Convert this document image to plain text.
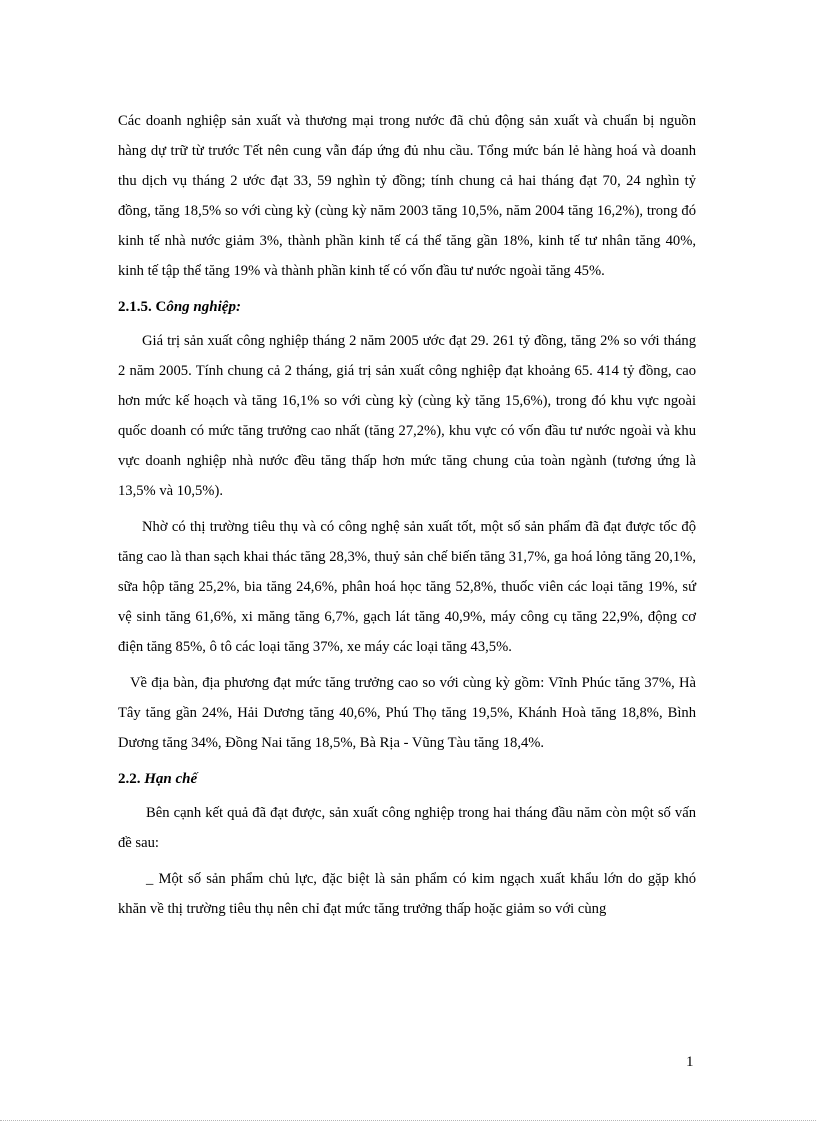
Các doanh nghiệp sản xuất và thương mại trong nước đã chủ động sản xuất và chuẩn bị nguồn hàng dự trữ từ trước Tết nên cung vẫn đáp ứng đủ nhu cầu. Tổng mức bán lẻ hàng hoá và doanh thu dịch vụ tháng 2 ước đạt 33, 59 nghìn tỷ đồng; tính chung cả hai tháng đạt 70, 24 nghìn tỷ đồng, tăng 18,5% so với cùng kỳ (cùng kỳ năm 2003 tăng 10,5%, năm 2004 tăng 16,2%), trong đó kinh tế nhà nước giảm 3%, thành phần kinh tế cá thể tăng gần 18%, kinh tế tư nhân tăng 40%, kinh tế tập thể tăng 19% và thành phần kinh tế có vốn đầu tư nước ngoài tăng 45%.

2.1.5. Công nghiệp:

Giá trị sản xuất công nghiệp tháng 2 năm 2005 ước đạt 29. 261 tỷ đồng, tăng 2% so với tháng 2 năm 2005. Tính chung cả 2 tháng, giá trị sản xuất công nghiệp đạt khoảng 65. 414 tỷ đồng, cao hơn mức kế hoạch và tăng 16,1% so với cùng kỳ (cùng kỳ tăng 15,6%), trong đó khu vực ngoài quốc doanh có mức tăng trưởng cao nhất (tăng 27,2%), khu vực có vốn đầu tư nước ngoài và khu vực doanh nghiệp nhà nước đều tăng thấp hơn mức tăng chung của toàn ngành (tương ứng là 13,5% và 10,5%).

Nhờ có thị trường tiêu thụ và có công nghệ sản xuất tốt, một số sản phẩm đã đạt được tốc độ tăng cao là than sạch khai thác tăng 28,3%, thuỷ sản chế biến tăng 31,7%, ga hoá lỏng tăng 20,1%, sữa hộp tăng 25,2%, bia tăng 24,6%, phân hoá học tăng 52,8%, thuốc viên các loại tăng 19%, sứ vệ sinh tăng 61,6%, xi măng tăng 6,7%, gạch lát tăng 40,9%, máy công cụ tăng 22,9%, động cơ điện tăng 85%, ô tô các loại tăng 37%, xe máy các loại tăng 43,5%.

Về địa bàn, địa phương đạt mức tăng trưởng cao so với cùng kỳ gồm: Vĩnh Phúc tăng 37%, Hà Tây tăng gần 24%, Hải Dương tăng 40,6%, Phú Thọ tăng 19,5%, Khánh Hoà tăng 18,8%, Bình Dương tăng 34%, Đồng Nai tăng 18,5%, Bà Rịa - Vũng Tàu tăng 18,4%.

2.2. Hạn chế

Bên cạnh kết quả đã đạt được, sản xuất công nghiệp trong hai tháng đầu năm còn một số vấn đề sau:

_ Một số sản phẩm chủ lực, đặc biệt là sản phẩm có kim ngạch xuất khẩu lớn do gặp khó khăn về thị trường tiêu thụ nên chỉ đạt mức tăng trưởng thấp hoặc giảm so với cùng

1
